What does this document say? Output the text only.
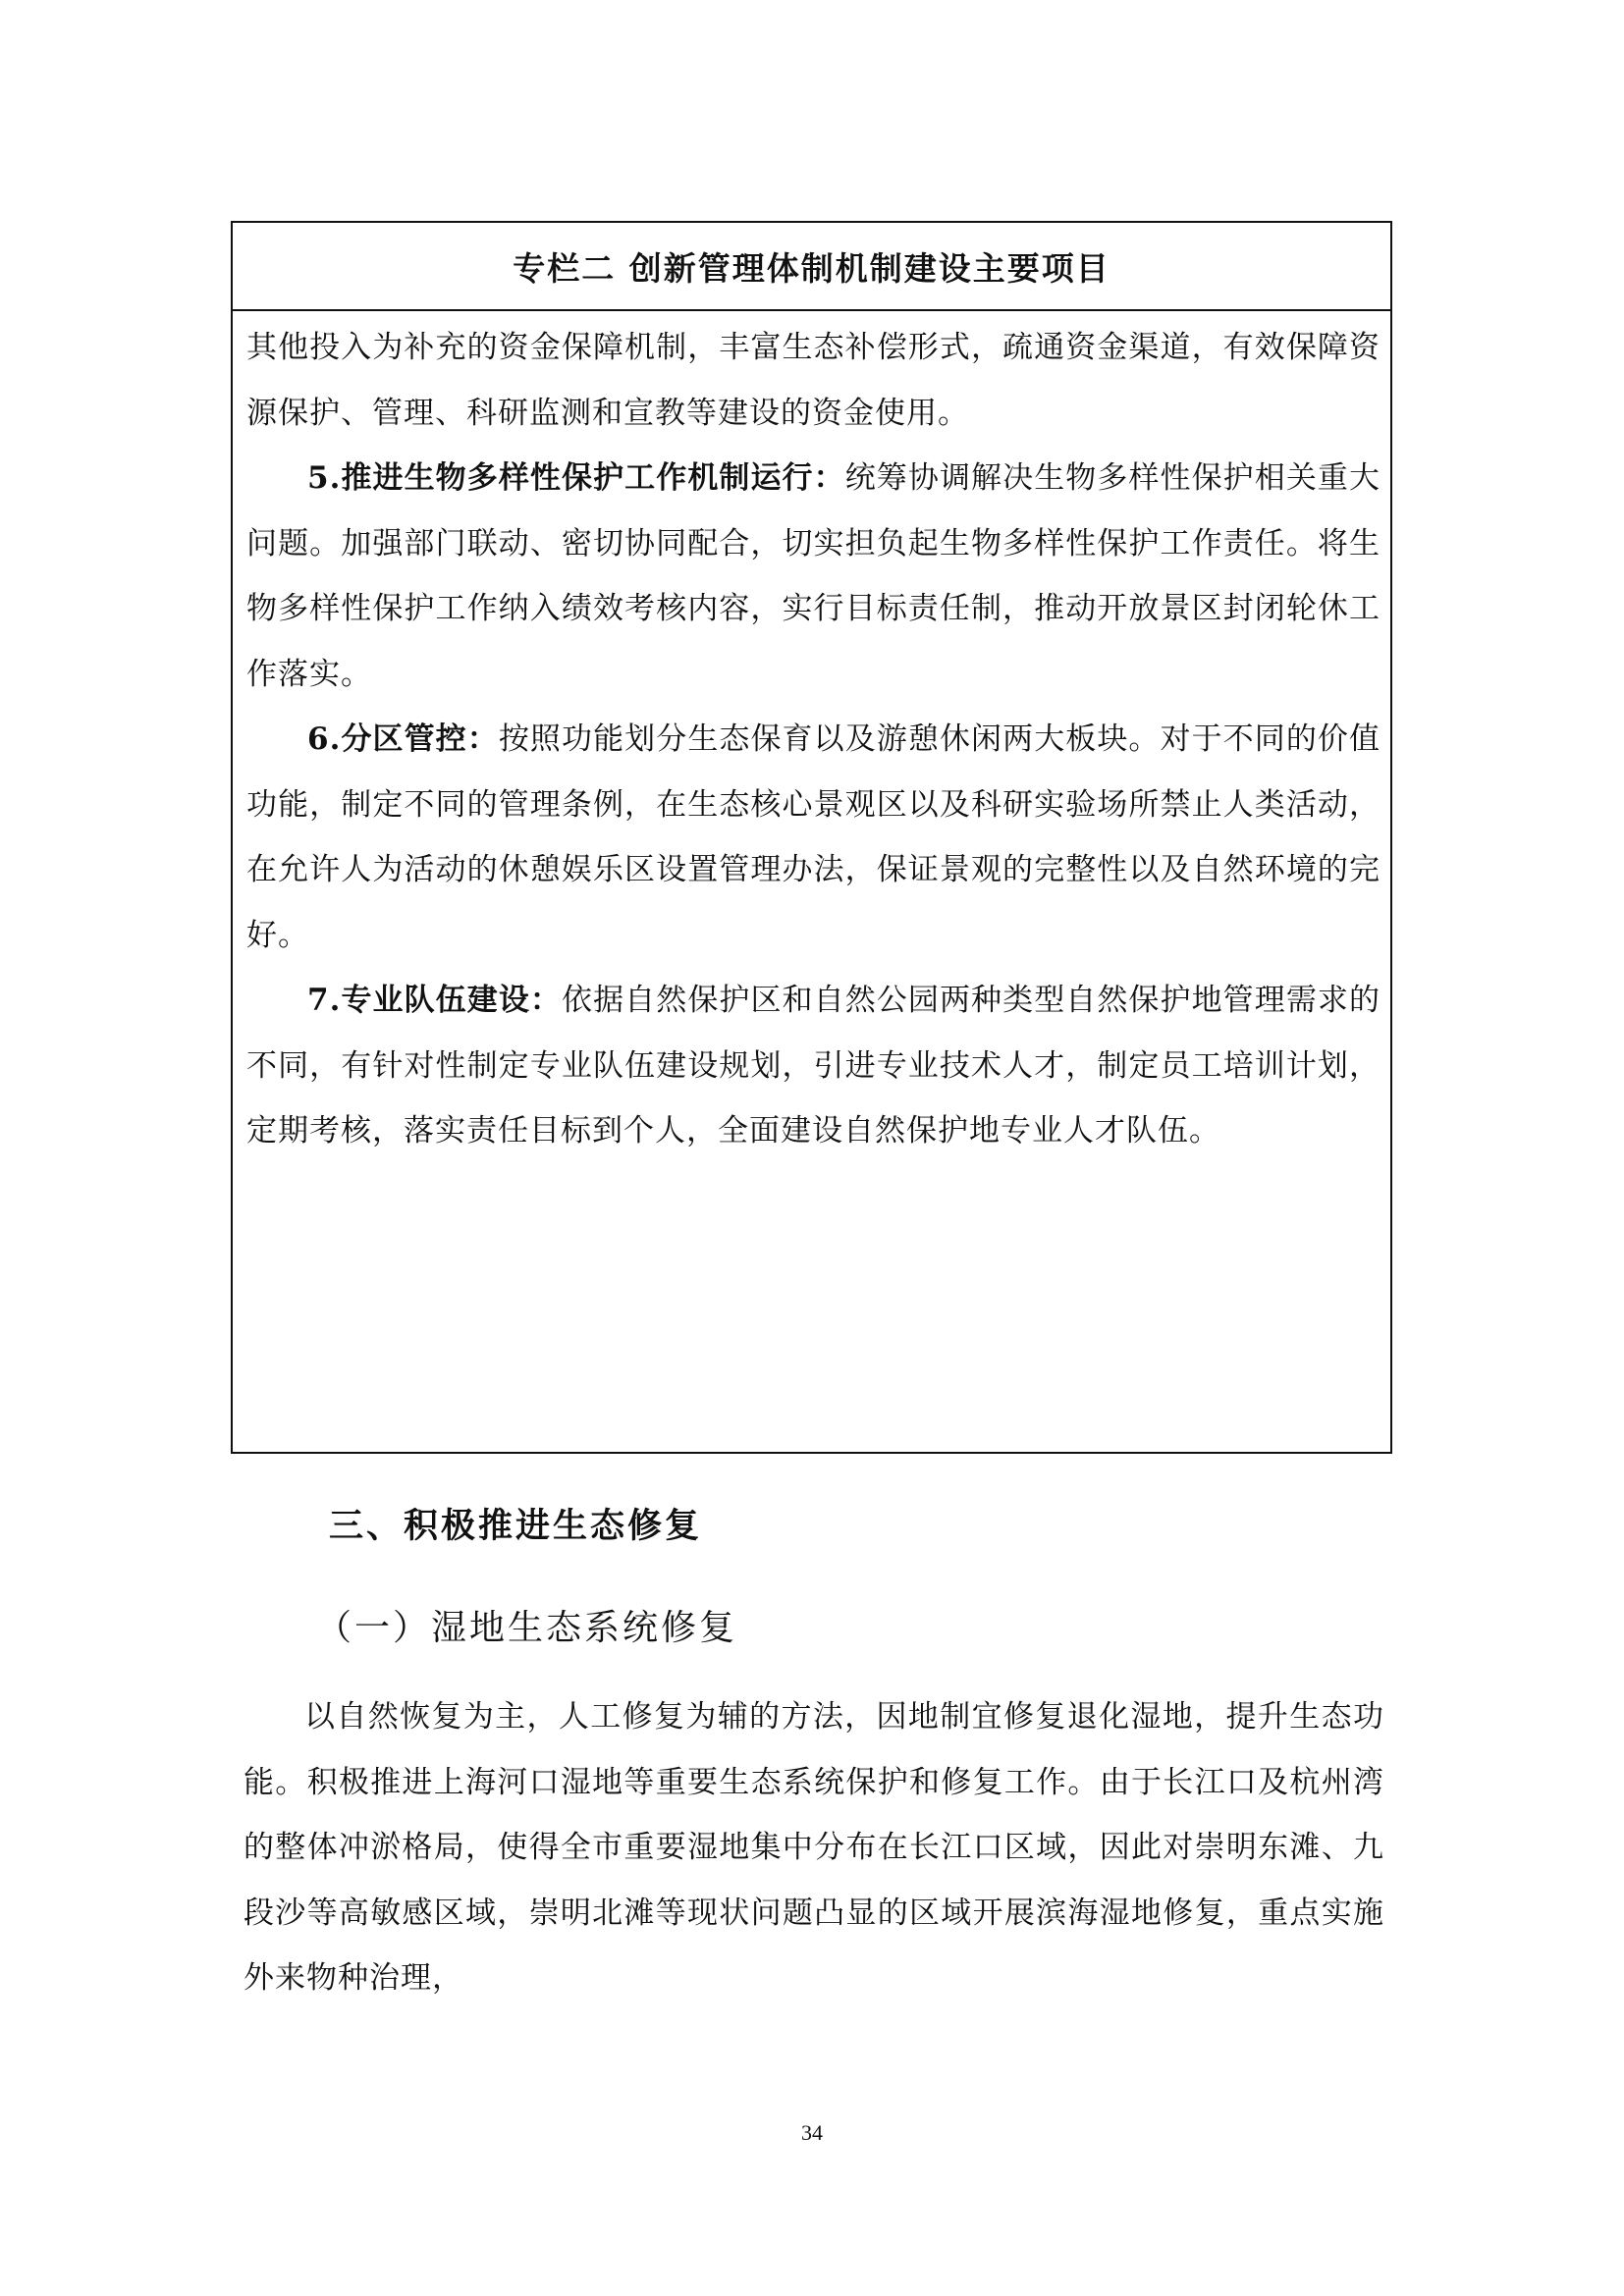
专栏二 创新管理体制机制建设主要项目

其他投入为补充的资金保障机制，丰富生态补偿形式，疏通资金渠道，有效保障资源保护、管理、科研监测和宣教等建设的资金使用。

5.推进生物多样性保护工作机制运行：统筹协调解决生物多样性保护相关重大问题。加强部门联动、密切协同配合，切实担负起生物多样性保护工作责任。将生物多样性保护工作纳入绩效考核内容，实行目标责任制，推动开放景区封闭轮休工作落实。

6.分区管控：按照功能划分生态保育以及游憩休闲两大板块。对于不同的价值功能，制定不同的管理条例，在生态核心景观区以及科研实验场所禁止人类活动，在允许人为活动的休憩娱乐区设置管理办法，保证景观的完整性以及自然环境的完好。

7.专业队伍建设：依据自然保护区和自然公园两种类型自然保护地管理需求的不同，有针对性制定专业队伍建设规划，引进专业技术人才，制定员工培训计划，定期考核，落实责任目标到个人，全面建设自然保护地专业人才队伍。

三、积极推进生态修复
（一）湿地生态系统修复

以自然恢复为主，人工修复为辅的方法，因地制宜修复退化湿地，提升生态功能。积极推进上海河口湿地等重要生态系统保护和修复工作。由于长江口及杭州湾的整体冲淤格局，使得全市重要湿地集中分布在长江口区域，因此对崇明东滩、九段沙等高敏感区域，崇明北滩等现状问题凸显的区域开展滨海湿地修复，重点实施外来物种治理，

34
